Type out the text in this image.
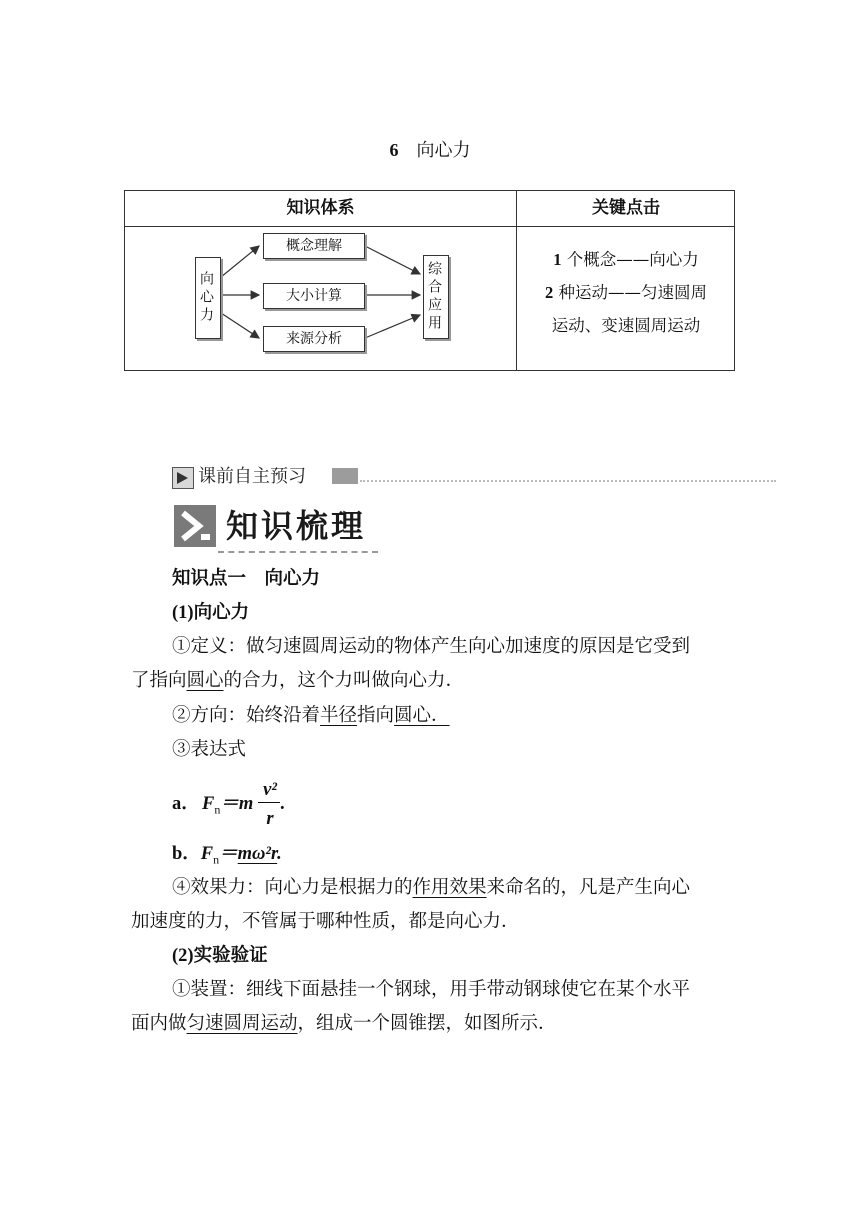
6 向心力
知识体系	关键点击
向心力
概念理解
大小计算
来源分析
综合应用
1 个概念——向心力
2 种运动——匀速圆周
运动、变速圆周运动
课前自主预习
知识梳理
知识点一　向心力
(1)向心力
①定义：做匀速圆周运动的物体产生向心加速度的原因是它受到
了指向圆心的合力，这个力叫做向心力．
②方向：始终沿着半径指向圆心．
③表达式
a． $F_n=m$
v²
r
.
b．$F_n=m\omega^2r$.
④效果力：向心力是根据力的作用效果来命名的，凡是产生向心
加速度的力，不管属于哪种性质，都是向心力．
(2)实验验证
①装置：细线下面悬挂一个钢球，用手带动钢球使它在某个水平
面内做匀速圆周运动，组成一个圆锥摆，如图所示．
